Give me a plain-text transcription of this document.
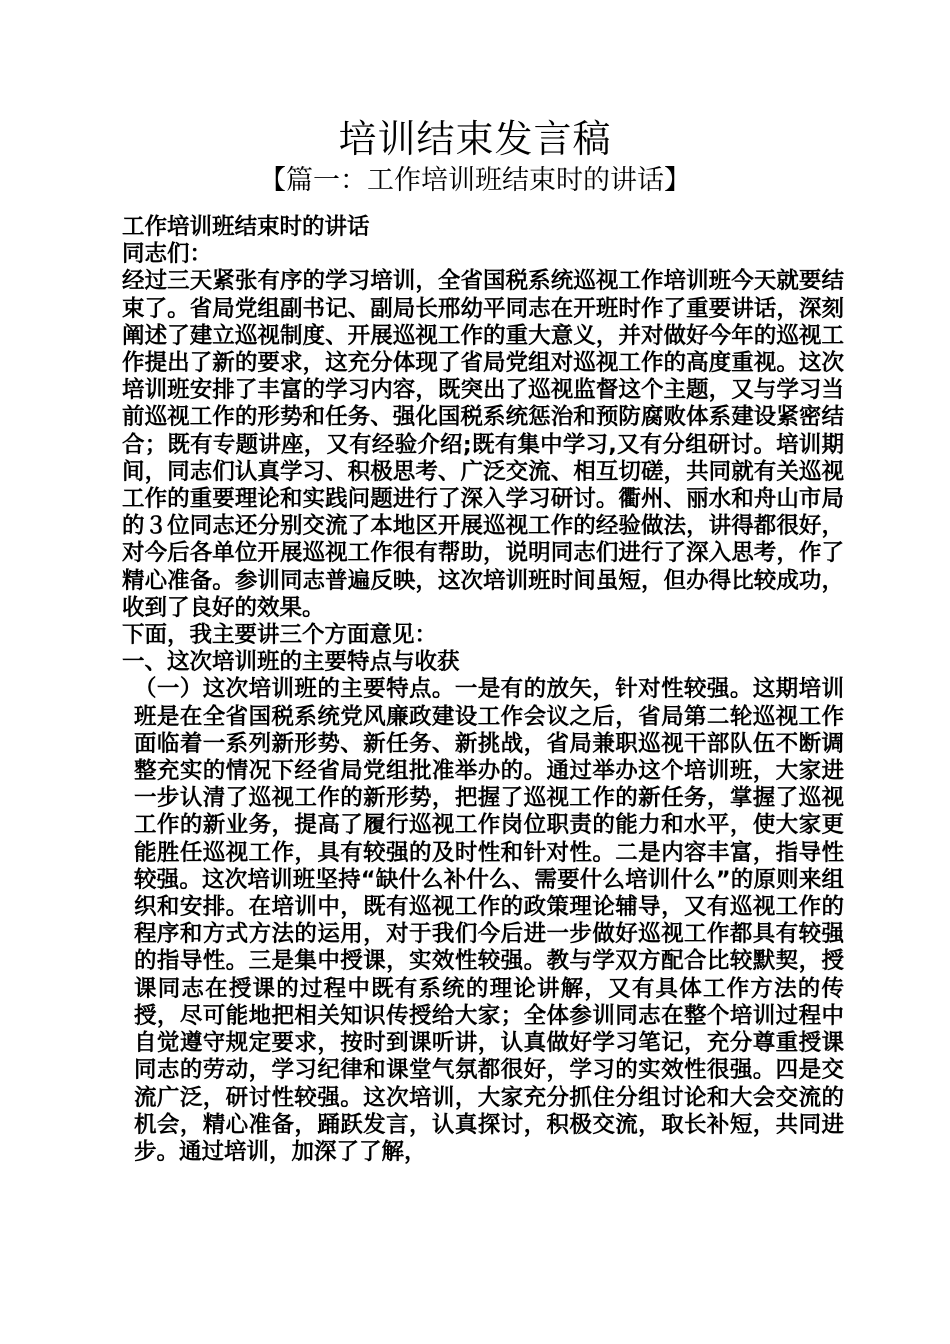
培训结束发言稿
【篇一：工作培训班结束时的讲话】

工作培训班结束时的讲话

同志们：

经过三天紧张有序的学习培训，全省国税系统巡视工作培训班今天就要结束了。省局党组副书记、副局长邢幼平同志在开班时作了重要讲话，深刻阐述了建立巡视制度、开展巡视工作的重大意义，并对做好今年的巡视工作提出了新的要求，这充分体现了省局党组对巡视工作的高度重视。这次培训班安排了丰富的学习内容，既突出了巡视监督这个主题，又与学习当前巡视工作的形势和任务、强化国税系统惩治和预防腐败体系建设紧密结合；既有专题讲座，又有经验介绍;既有集中学习,又有分组研讨。培训期间，同志们认真学习、积极思考、广泛交流、相互切磋，共同就有关巡视工作的重要理论和实践问题进行了深入学习研讨。衢州、丽水和舟山市局的３位同志还分别交流了本地区开展巡视工作的经验做法，讲得都很好，对今后各单位开展巡视工作很有帮助，说明同志们进行了深入思考，作了精心准备。参训同志普遍反映，这次培训班时间虽短，但办得比较成功，收到了良好的效果。

下面，我主要讲三个方面意见：

一、这次培训班的主要特点与收获

（一）这次培训班的主要特点。一是有的放矢，针对性较强。这期培训班是在全省国税系统党风廉政建设工作会议之后，省局第二轮巡视工作面临着一系列新形势、新任务、新挑战，省局兼职巡视干部队伍不断调整充实的情况下经省局党组批准举办的。通过举办这个培训班，大家进一步认清了巡视工作的新形势，把握了巡视工作的新任务，掌握了巡视工作的新业务，提高了履行巡视工作岗位职责的能力和水平，使大家更能胜任巡视工作，具有较强的及时性和针对性。二是内容丰富，指导性较强。这次培训班坚持“缺什么补什么、需要什么培训什么”的原则来组织和安排。在培训中，既有巡视工作的政策理论辅导，又有巡视工作的程序和方式方法的运用，对于我们今后进一步做好巡视工作都具有较强的指导性。三是集中授课，实效性较强。教与学双方配合比较默契，授课同志在授课的过程中既有系统的理论讲解，又有具体工作方法的传授，尽可能地把相关知识传授给大家；全体参训同志在整个培训过程中自觉遵守规定要求，按时到课听讲，认真做好学习笔记，充分尊重授课同志的劳动，学习纪律和课堂气氛都很好，学习的实效性很强。四是交流广泛，研讨性较强。这次培训，大家充分抓住分组讨论和大会交流的机会，精心准备，踊跃发言，认真探讨，积极交流，取长补短，共同进步。通过培训，加深了了解，
